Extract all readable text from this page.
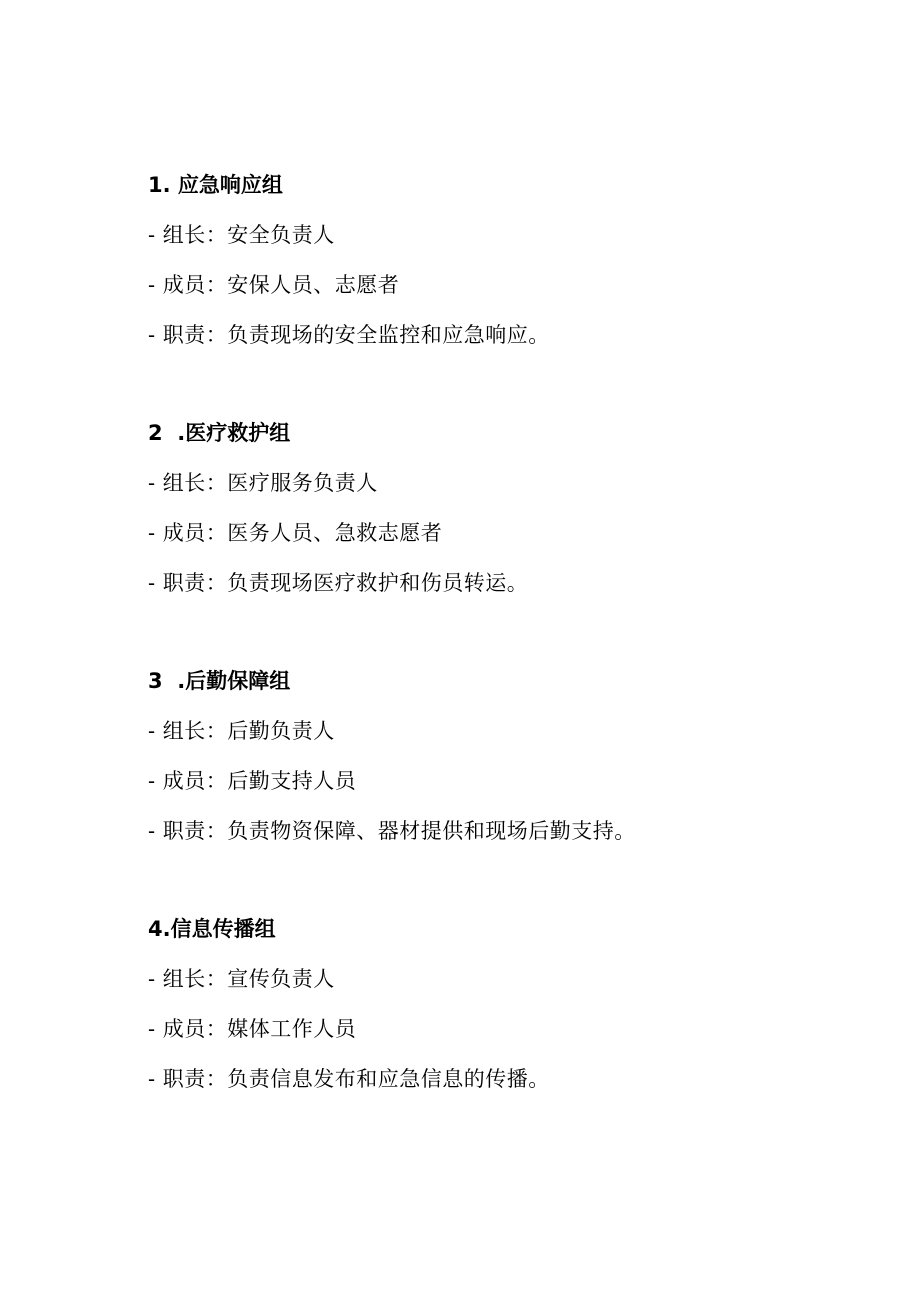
1. 应急响应组
- 组长：安全负责人
- 成员：安保人员、志愿者
- 职责：负责现场的安全监控和应急响应。
2  .医疗救护组
- 组长：医疗服务负责人
- 成员：医务人员、急救志愿者
- 职责：负责现场医疗救护和伤员转运。
3  .后勤保障组
- 组长：后勤负责人
- 成员：后勤支持人员
- 职责：负责物资保障、器材提供和现场后勤支持。
4.信息传播组
- 组长：宣传负责人
- 成员：媒体工作人员
- 职责：负责信息发布和应急信息的传播。
